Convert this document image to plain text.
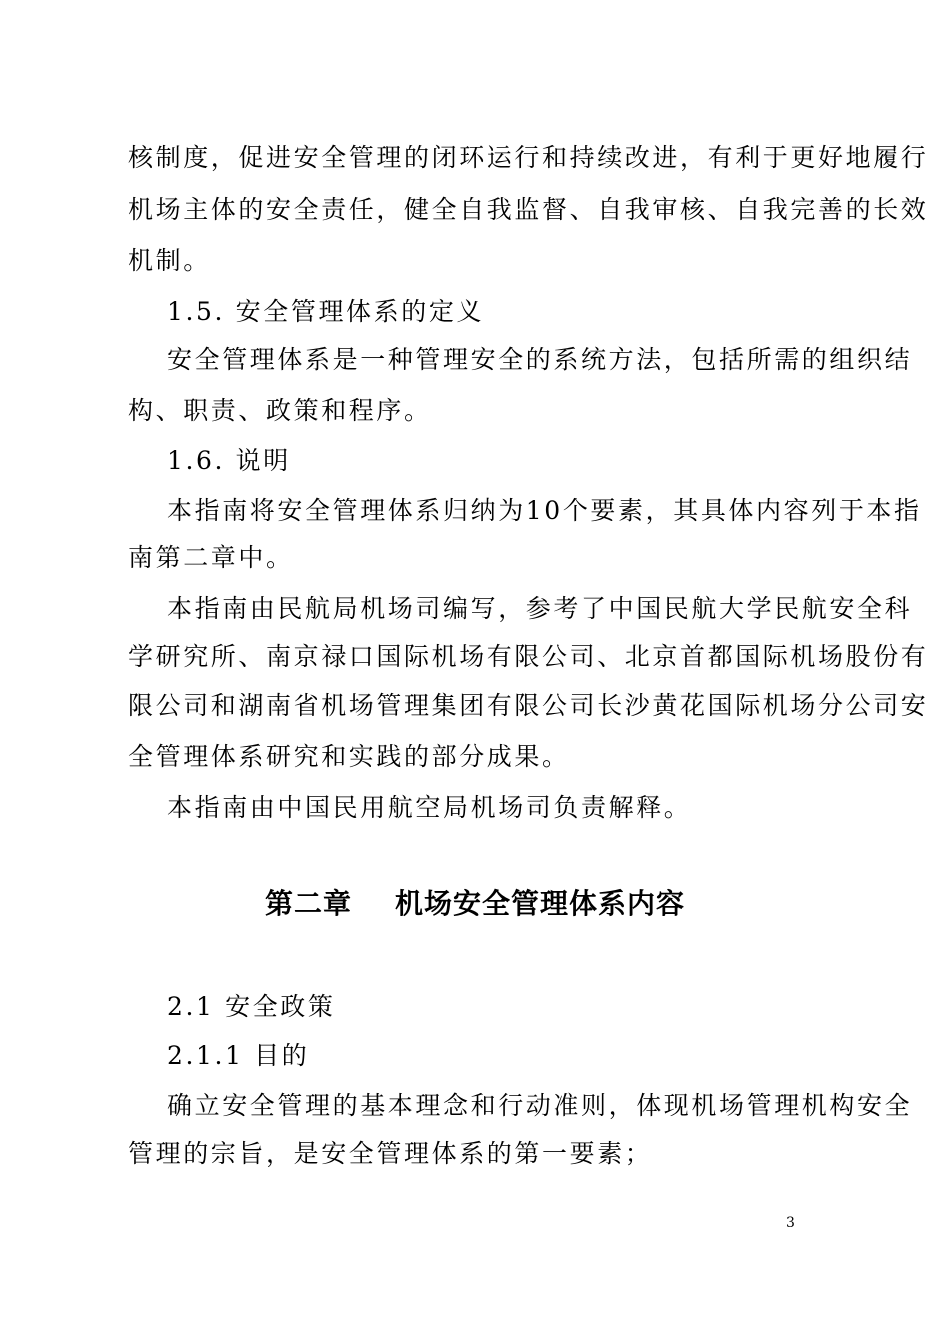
核制度，促进安全管理的闭环运行和持续改进，有利于更好地履行
机场主体的安全责任，健全自我监督、自我审核、自我完善的长效
机制。
1.5. 安全管理体系的定义
安全管理体系是一种管理安全的系统方法，包括所需的组织结
构、职责、政策和程序。
1.6. 说明
本指南将安全管理体系归纳为10个要素，其具体内容列于本指
南第二章中。
本指南由民航局机场司编写，参考了中国民航大学民航安全科
学研究所、南京禄口国际机场有限公司、北京首都国际机场股份有
限公司和湖南省机场管理集团有限公司长沙黄花国际机场分公司安
全管理体系研究和实践的部分成果。
本指南由中国民用航空局机场司负责解释。
第二章    机场安全管理体系内容
2.1 安全政策
2.1.1 目的
确立安全管理的基本理念和行动准则，体现机场管理机构安全
管理的宗旨，是安全管理体系的第一要素；
3
